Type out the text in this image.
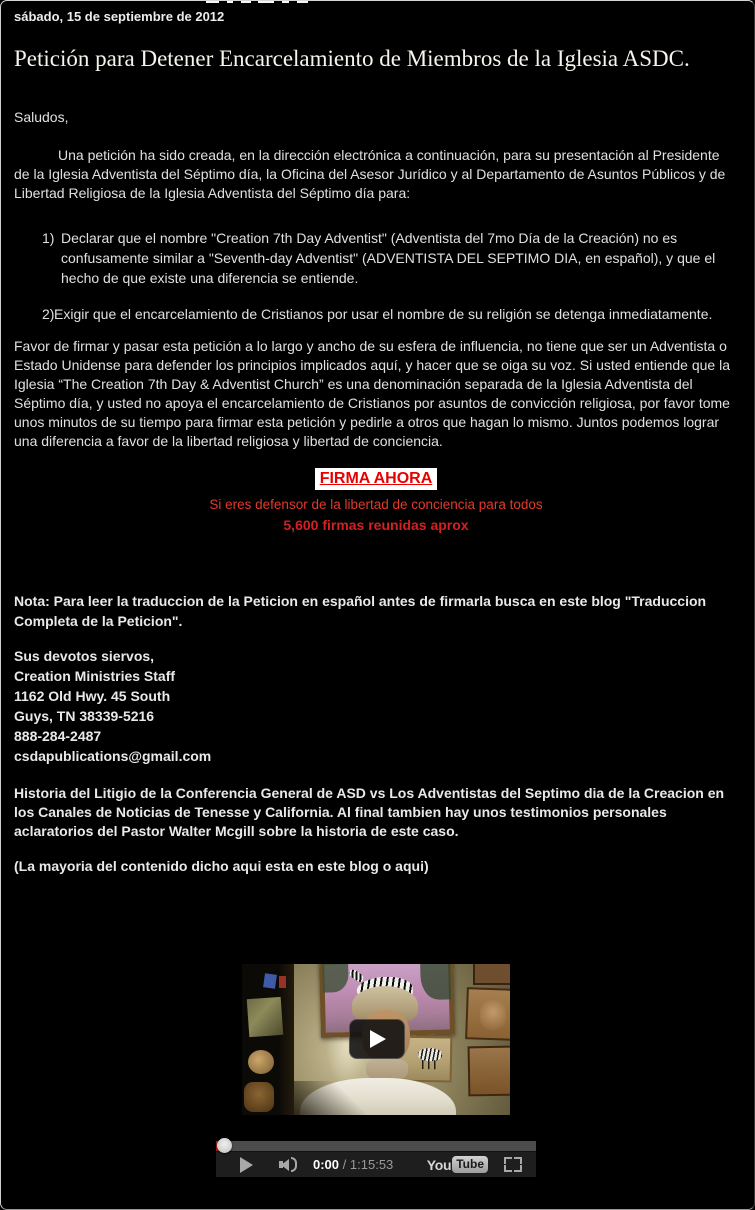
sábado, 15 de septiembre de 2012
Petición para Detener Encarcelamiento de Miembros de la Iglesia ASDC.

Saludos,

Una petición ha sido creada, en la dirección electrónica a continuación, para su presentación al Presidente de la Iglesia Adventista del Séptimo día, la Oficina del Asesor Jurídico y al Departamento de Asuntos Públicos y de Libertad Religiosa de la Iglesia Adventista del Séptimo día para:

1) Declarar que el nombre "Creation 7th Day Adventist" (Adventista del 7mo Día de la Creación) no es confusamente similar a "Seventh-day Adventist" (ADVENTISTA DEL SEPTIMO DIA, en español), y que el hecho de que existe una diferencia se entiende.

2) Exigir que el encarcelamiento de Cristianos por usar el nombre de su religión se detenga inmediatamente.

Favor de firmar y pasar esta petición a lo largo y ancho de su esfera de influencia, no tiene que ser un Adventista o Estado Unidense para defender los principios implicados aquí, y hacer que se oiga su voz. Si usted entiende que la Iglesia “The Creation 7th Day & Adventist Church” es una denominación separada de la Iglesia Adventista del Séptimo día, y usted no apoya el encarcelamiento de Cristianos por asuntos de convicción religiosa, por favor tome unos minutos de su tiempo para firmar esta petición y pedirle a otros que hagan lo mismo. Juntos podemos lograr una diferencia a favor de la libertad religiosa y libertad de conciencia.

FIRMA AHORA
Si eres defensor de la libertad de conciencia para todos
5,600 firmas reunidas aprox

Nota: Para leer la traduccion de la Peticion en español antes de firmarla busca en este blog "Traduccion Completa de la Peticion".

Sus devotos siervos,
Creation Ministries Staff
1162 Old Hwy. 45 South
Guys, TN 38339-5216
888-284-2487
csdapublications@gmail.com

Historia del Litigio de la Conferencia General de ASD vs Los Adventistas del Septimo dia de la Creacion en los Canales de Noticias de Tenesse y California. Al final tambien hay unos testimonios personales aclaratorios del Pastor Walter Mcgill sobre la historia de este caso.

(La mayoria del contenido dicho aqui esta en este blog o aqui)

0:00 / 1:15:53 You Tube
